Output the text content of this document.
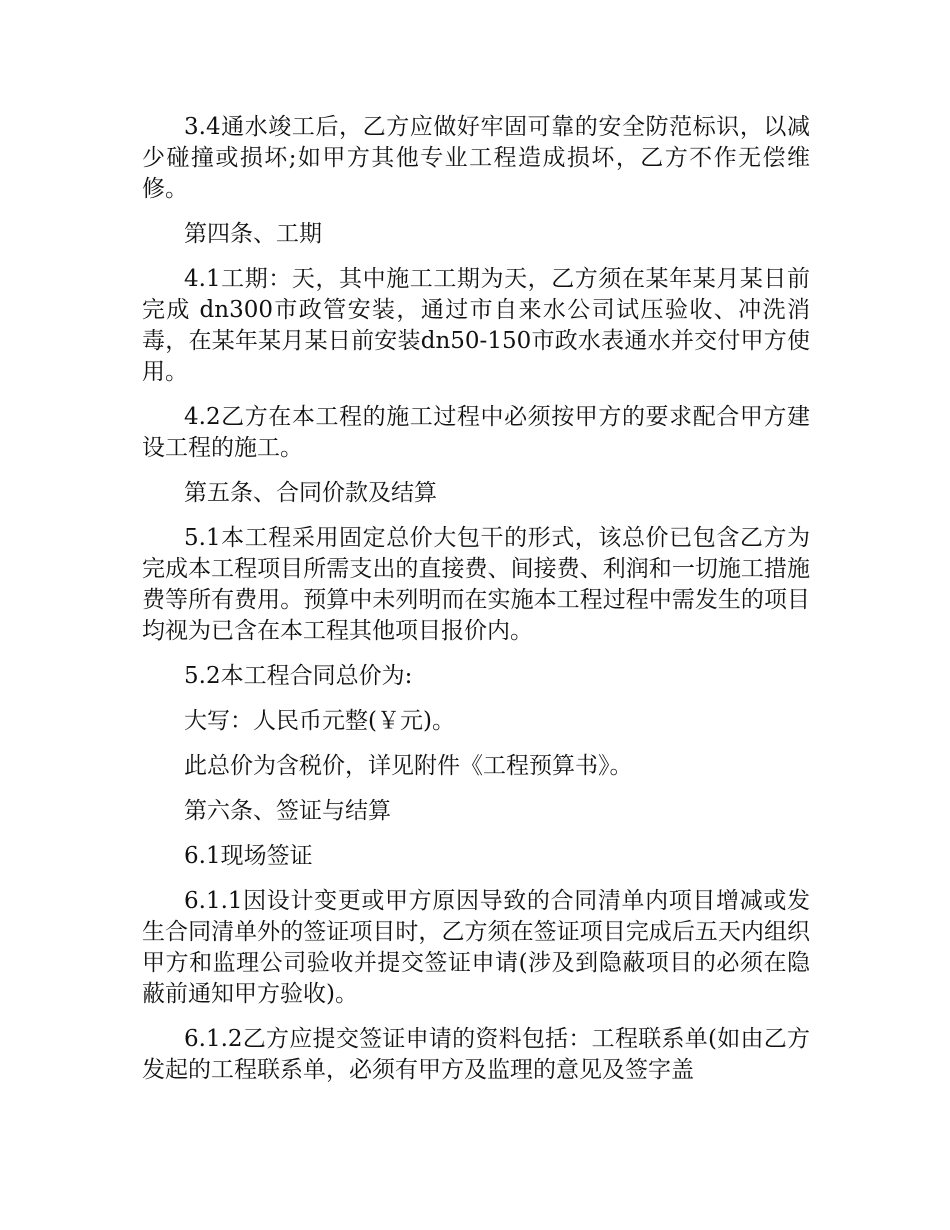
3.4通水竣工后，乙方应做好牢固可靠的安全防范标识，以减少碰撞或损坏;如甲方其他专业工程造成损坏，乙方不作无偿维修。

第四条、工期

4.1工期：天，其中施工工期为天，乙方须在某年某月某日前完成 dn300市政管安装，通过市自来水公司试压验收、冲洗消毒，在某年某月某日前安装dn50-150市政水表通水并交付甲方使用。

4.2乙方在本工程的施工过程中必须按甲方的要求配合甲方建设工程的施工。

第五条、合同价款及结算

5.1本工程采用固定总价大包干的形式，该总价已包含乙方为完成本工程项目所需支出的直接费、间接费、利润和一切施工措施费等所有费用。预算中未列明而在实施本工程过程中需发生的项目均视为已含在本工程其他项目报价内。

5.2本工程合同总价为:

大写：人民币元整(￥元)。

此总价为含税价，详见附件《工程预算书》。

第六条、签证与结算

6.1现场签证

6.1.1因设计变更或甲方原因导致的合同清单内项目增减或发生合同清单外的签证项目时，乙方须在签证项目完成后五天内组织甲方和监理公司验收并提交签证申请(涉及到隐蔽项目的必须在隐蔽前通知甲方验收)。

6.1.2乙方应提交签证申请的资料包括：工程联系单(如由乙方发起的工程联系单，必须有甲方及监理的意见及签字盖
